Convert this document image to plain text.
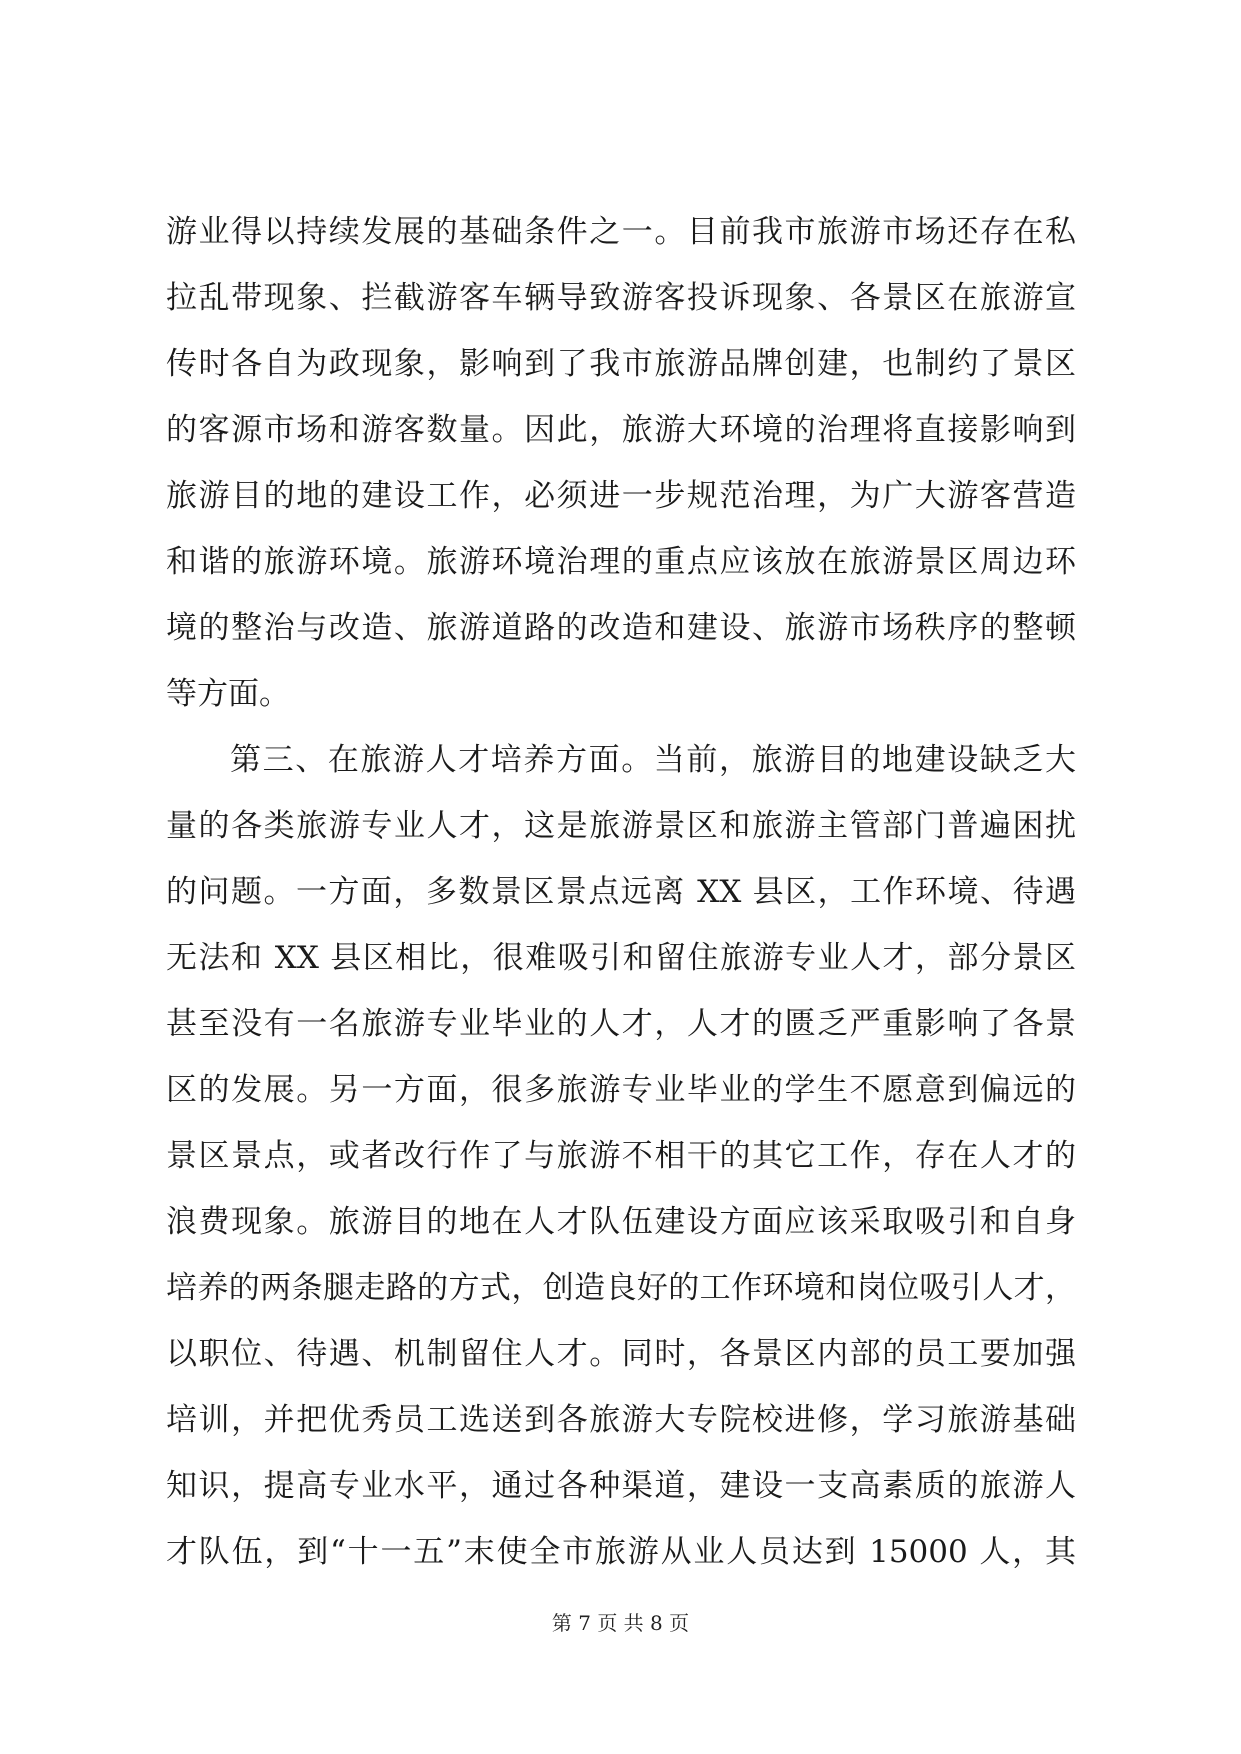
游业得以持续发展的基础条件之一。目前我市旅游市场还存在私
拉乱带现象、拦截游客车辆导致游客投诉现象、各景区在旅游宣
传时各自为政现象，影响到了我市旅游品牌创建，也制约了景区
的客源市场和游客数量。因此，旅游大环境的治理将直接影响到
旅游目的地的建设工作，必须进一步规范治理，为广大游客营造
和谐的旅游环境。旅游环境治理的重点应该放在旅游景区周边环
境的整治与改造、旅游道路的改造和建设、旅游市场秩序的整顿
等方面。
第三、在旅游人才培养方面。当前，旅游目的地建设缺乏大
量的各类旅游专业人才，这是旅游景区和旅游主管部门普遍困扰
的问题。一方面，多数景区景点远离 XX 县区，工作环境、待遇
无法和 XX 县区相比，很难吸引和留住旅游专业人才，部分景区
甚至没有一名旅游专业毕业的人才，人才的匮乏严重影响了各景
区的发展。另一方面，很多旅游专业毕业的学生不愿意到偏远的
景区景点，或者改行作了与旅游不相干的其它工作，存在人才的
浪费现象。旅游目的地在人才队伍建设方面应该采取吸引和自身
培养的两条腿走路的方式，创造良好的工作环境和岗位吸引人才，
以职位、待遇、机制留住人才。同时，各景区内部的员工要加强
培训，并把优秀员工选送到各旅游大专院校进修，学习旅游基础
知识，提高专业水平，通过各种渠道，建设一支高素质的旅游人
才队伍，到“十一五”末使全市旅游从业人员达到 15000 人，其
第 7 页 共 8 页
